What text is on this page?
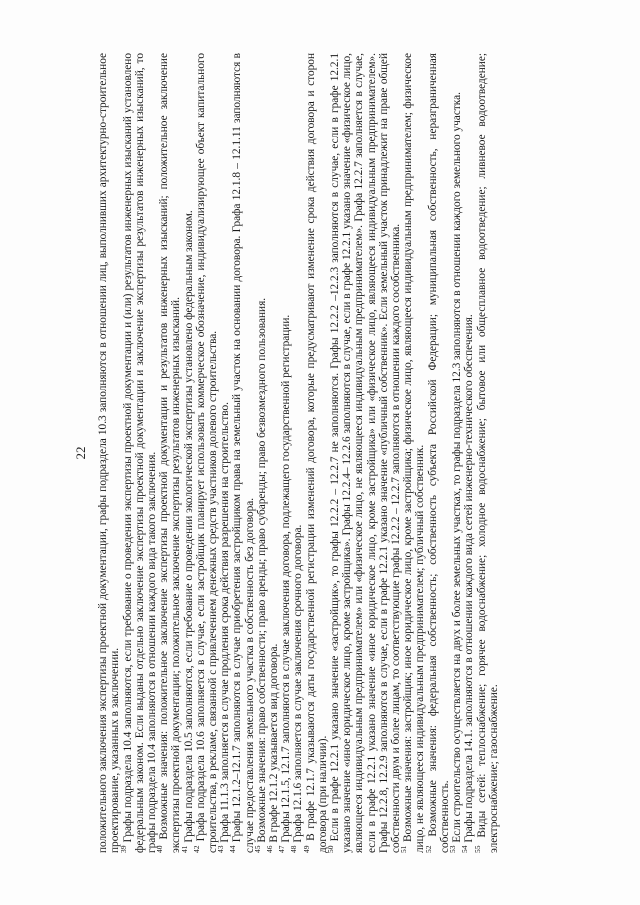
22 положительного заключения экспертизы проектной документации, графы подраздела 10.3 заполняются в отношении лиц, выполнивших архитектурно-строительное проектирование, указанных в заключении.

$^{39}$ Графы подраздела 10.4 заполняются, если требование о проведении экспертизы проектной документации и (или) результатов инженерных изысканий установлено федеральным законом. Если выданы отдельно заключение экспертизы проектной документации и заключение экспертизы результатов инженерных изысканий, то графы подраздела 10.4 заполняются в отношении каждого вида такого заключения.

$^{40}$ Возможные значения: положительное заключение экспертизы проектной документации и результатов инженерных изысканий; положительное заключение экспертизы проектной документации; положительное заключение экспертизы результатов инженерных изысканий.

$^{41}$ Графы подраздела 10.5 заполняются, если требование о проведении экологической экспертизы установлено федеральным законом.

$^{42}$ Графа подраздела 10.6 заполняется в случае, если застройщик планирует использовать коммерческое обозначение, индивидуализирующее объект капитального строительства, в рекламе, связанной с привлечением денежных средств участников долевого строительства.

$^{43}$ Графа 11.1.3 заполняется в случае продления срока действия разрешения на строительство.

$^{44}$ Графы 12.1.2–12.1.7 заполняются в случае приобретения застройщиком права на земельный участок на основании договора. Графа 12.1.8 – 12.1.11 заполняются в случае предоставления земельного участка в собственность без договора.

$^{45}$ Возможные значения: право собственности; право аренды; право субаренды; право безвозмездного пользования.

$^{46}$ В графе 12.1.2 указывается вид договора.

$^{47}$ Графы 12.1.5, 12.1.7 заполняются в случае заключения договора, подлежащего государственной регистрации.

$^{48}$ Графа 12.1.6 заполняется в случае заключения срочного договора.

$^{49}$ В графе 12.1.7 указываются даты государственной регистрации изменений договора, которые предусматривают изменение срока действия договора и сторон договора (при наличии).

$^{50}$ Если в графе 12.2.1 указано значение «застройщик», то графы 12.2.2 – 12.2.7 не заполняются. Графы 12.2.2 –12.2.3 заполняются в случае, если в графе 12.2.1 указано значение «иное юридическое лицо, кроме застройщика». Графы 12.2.4– 12.2.6 заполняются в случае, если в графе 12.2.1 указано значение «физическое лицо, являющееся индивидуальным предпринимателем» или «физическое лицо, не являющееся индивидуальным предпринимателем». Графа 12.2.7 заполняется в случае, если в графе 12.2.1 указано значение «иное юридическое лицо, кроме застройщика» или «физическое лицо, являющееся индивидуальным предпринимателем». Графы 12.2.8, 12.2.9 заполняются в случае, если в графе 12.2.1 указано значение «публичный собственник». Если земельный участок принадлежит на праве общей собственности двум и более лицам, то соответствующие графы 12.2.2 – 12.2.7 заполняются в отношении каждого сособственника.

$^{51}$ Возможные значения: застройщик; иное юридическое лицо, кроме застройщика; физическое лицо, являющееся индивидуальным предпринимателем; физическое лицо, не являющееся индивидуальным предпринимателем; публичный собственник.

$^{52}$ Возможные значения: федеральная собственность; собственность субъекта Российской Федерации; муниципальная собственность, неразграниченная собственность.

$^{53}$ Если строительство осуществляется на двух и более земельных участках, то графы подраздела 12.3 заполняются в отношении каждого земельного участка.

$^{54}$ Графы подраздела 14.1. заполняются в отношении каждого вида сетей инженерно-технического обеспечения.

$^{55}$ Виды сетей: теплоснабжение; горячее водоснабжение; холодное водоснабжение; бытовое или общесплавное водоотведение; ливневое водоотведение; электроснабжение; газоснабжение.
